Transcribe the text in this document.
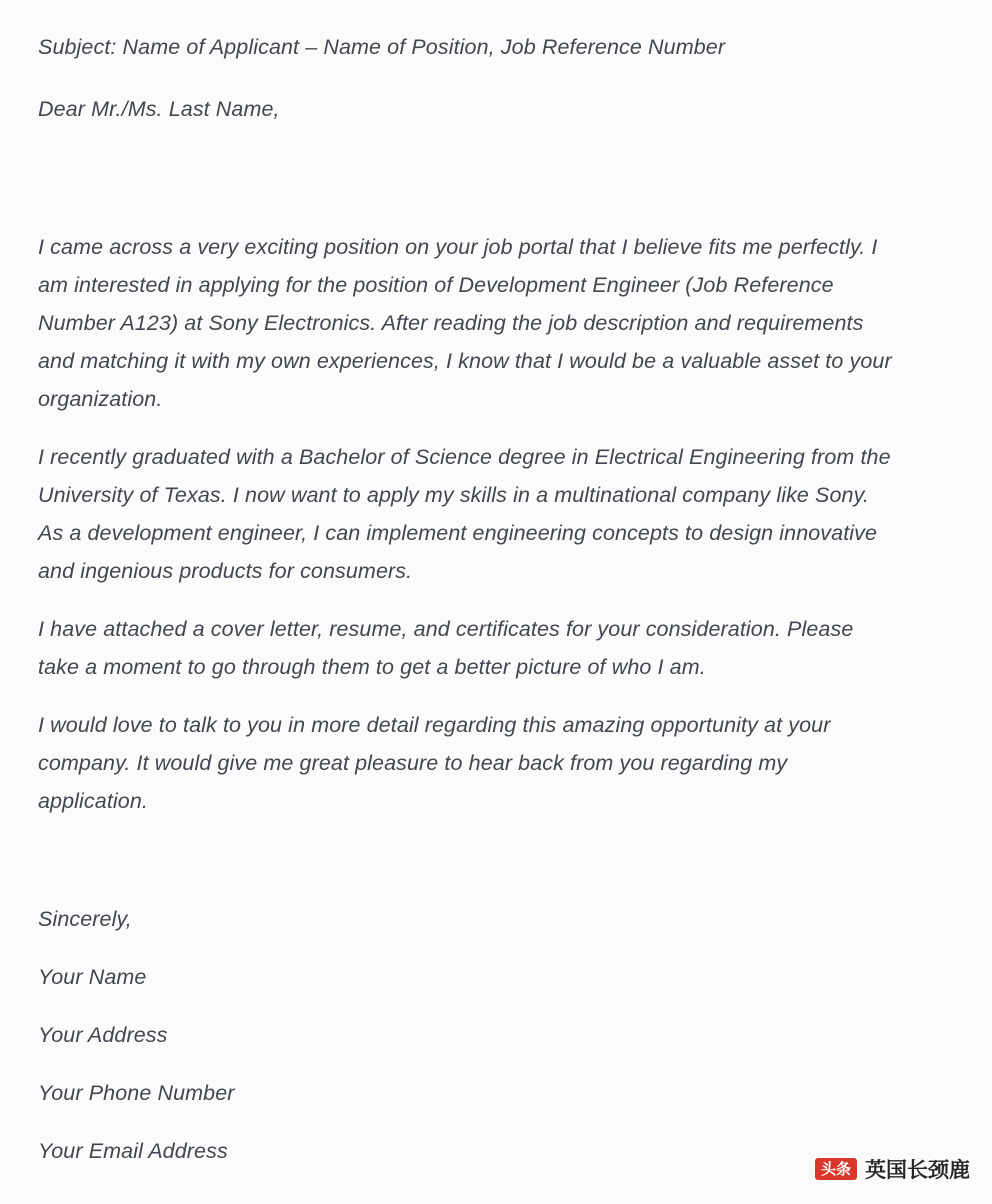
Subject: Name of Applicant – Name of Position, Job Reference Number

Dear Mr./Ms. Last Name,

I came across a very exciting position on your job portal that I believe fits me perfectly. I am interested in applying for the position of Development Engineer (Job Reference Number A123) at Sony Electronics. After reading the job description and requirements and matching it with my own experiences, I know that I would be a valuable asset to your organization.

I recently graduated with a Bachelor of Science degree in Electrical Engineering from the University of Texas. I now want to apply my skills in a multinational company like Sony. As a development engineer, I can implement engineering concepts to design innovative and ingenious products for consumers.

I have attached a cover letter, resume, and certificates for your consideration. Please take a moment to go through them to get a better picture of who I am.

I would love to talk to you in more detail regarding this amazing opportunity at your company. It would give me great pleasure to hear back from you regarding my application.

Sincerely,

Your Name

Your Address

Your Phone Number

Your Email Address

头条 英国长颈鹿
